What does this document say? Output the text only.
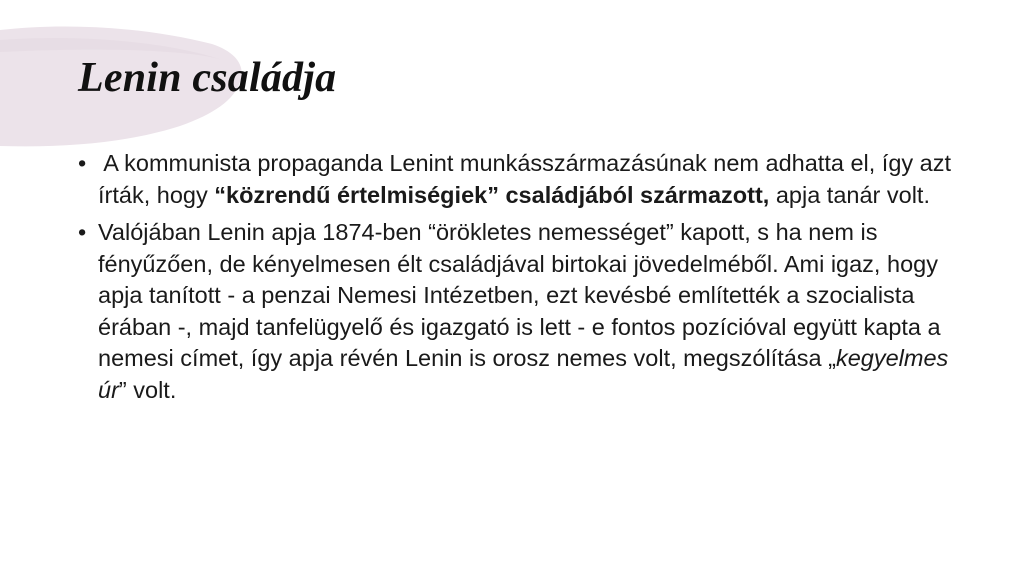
Lenin családja
• A kommunista propaganda Lenint munkásszármazásúnak nem adhatta el, így azt írták, hogy “közrendű értelmiségiek” családjából származott, apja tanár volt.
• Valójában Lenin apja 1874-ben “örökletes nemességet” kapott, s ha nem is fényűzően, de kényelmesen élt családjával birtokai jövedelméből. Ami igaz, hogy apja tanított - a penzai Nemesi Intézetben, ezt kevésbé említették a szocialista érában -, majd tanfelügyelő és igazgató is lett - e fontos pozícióval együtt kapta a nemesi címet, így apja révén Lenin is orosz nemes volt, megszólítása „kegyelmes úr” volt.
